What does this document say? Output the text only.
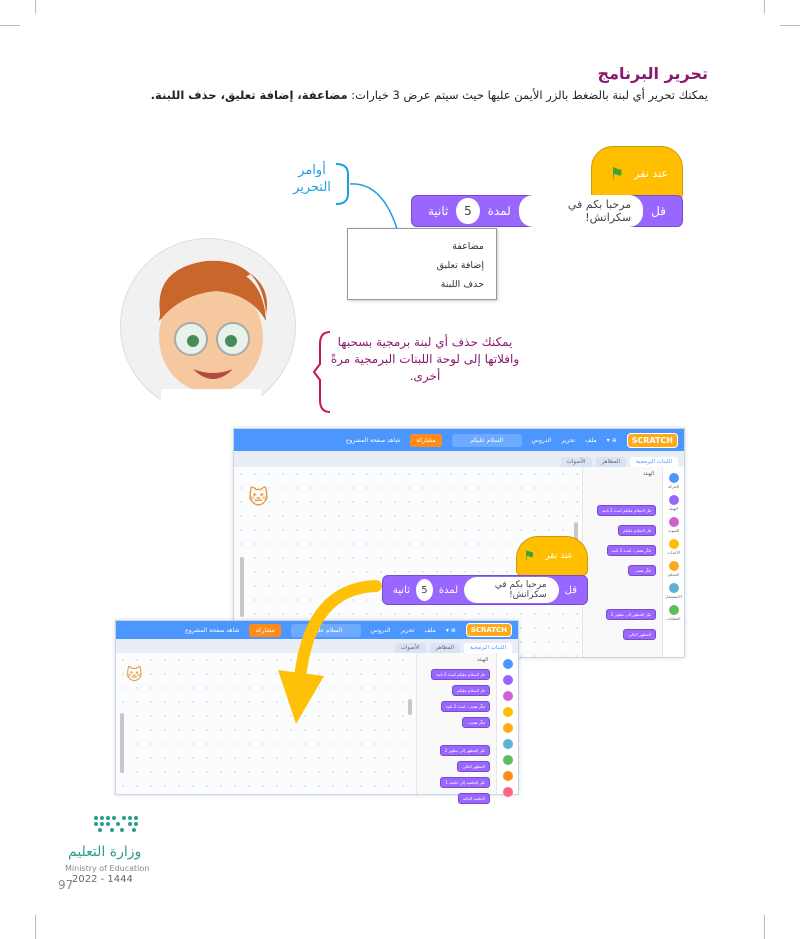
تحرير البرنامج

يمكنك تحرير أي لبنة بالضغط بالزر الأيمن عليها حيث سيتم عرض 3 خيارات: مضاعفة، إضافة تعليق، حذف اللبنة.

عند نقر
⚑
قل
مرحبا بكم في سكراتش!
لمدة
5
ثانية
أوامر التحرير
مضاعفة
إضافة تعليق
حذف اللبنة
يمكنك حذف أي لبنة برمجية بسحبها وافلاتها إلى لوحة اللبنات البرمجية مرةً أخرى.
SCRATCH
⊕ ▾
ملف
تحرير
الدروس
السلام عليكم
مشاركة
شاهد صفحة المشروع
اللبنات البرمجية
المظاهر
الأصوات
الحركة
الهيئة
الصوت
الأحداث
التحكم
الاستشعار
العمليات
الهيئة
قل السلام عليكم لمدة 2 ثانية
قل السلام عليكم
فكّر همم... لمدة 2 ثانية
فكّر همم...
غيّر المظهر إلى مظهر 2
المظهر التالي
🐱
عند نقر
⚑
قل
مرحبا بكم في سكراتش!
لمدة
5
ثانية
SCRATCH
⊕ ▾
ملف
تحرير
الدروس
السلام عليكم
مشاركة
شاهد صفحة المشروع
اللبنات البرمجية
المظاهر
الأصوات
الهيئة
قل السلام عليكم لمدة 2 ثانية
قل السلام عليكم
فكّر همم... لمدة 2 ثانية
فكّر همم...
غيّر المظهر إلى مظهر 2
المظهر التالي
غيّر الخلفية إلى خلفية 1
الخلفية التالية
🐱
وزارة التعليم
Ministry of Education
2022 - 1444
97
